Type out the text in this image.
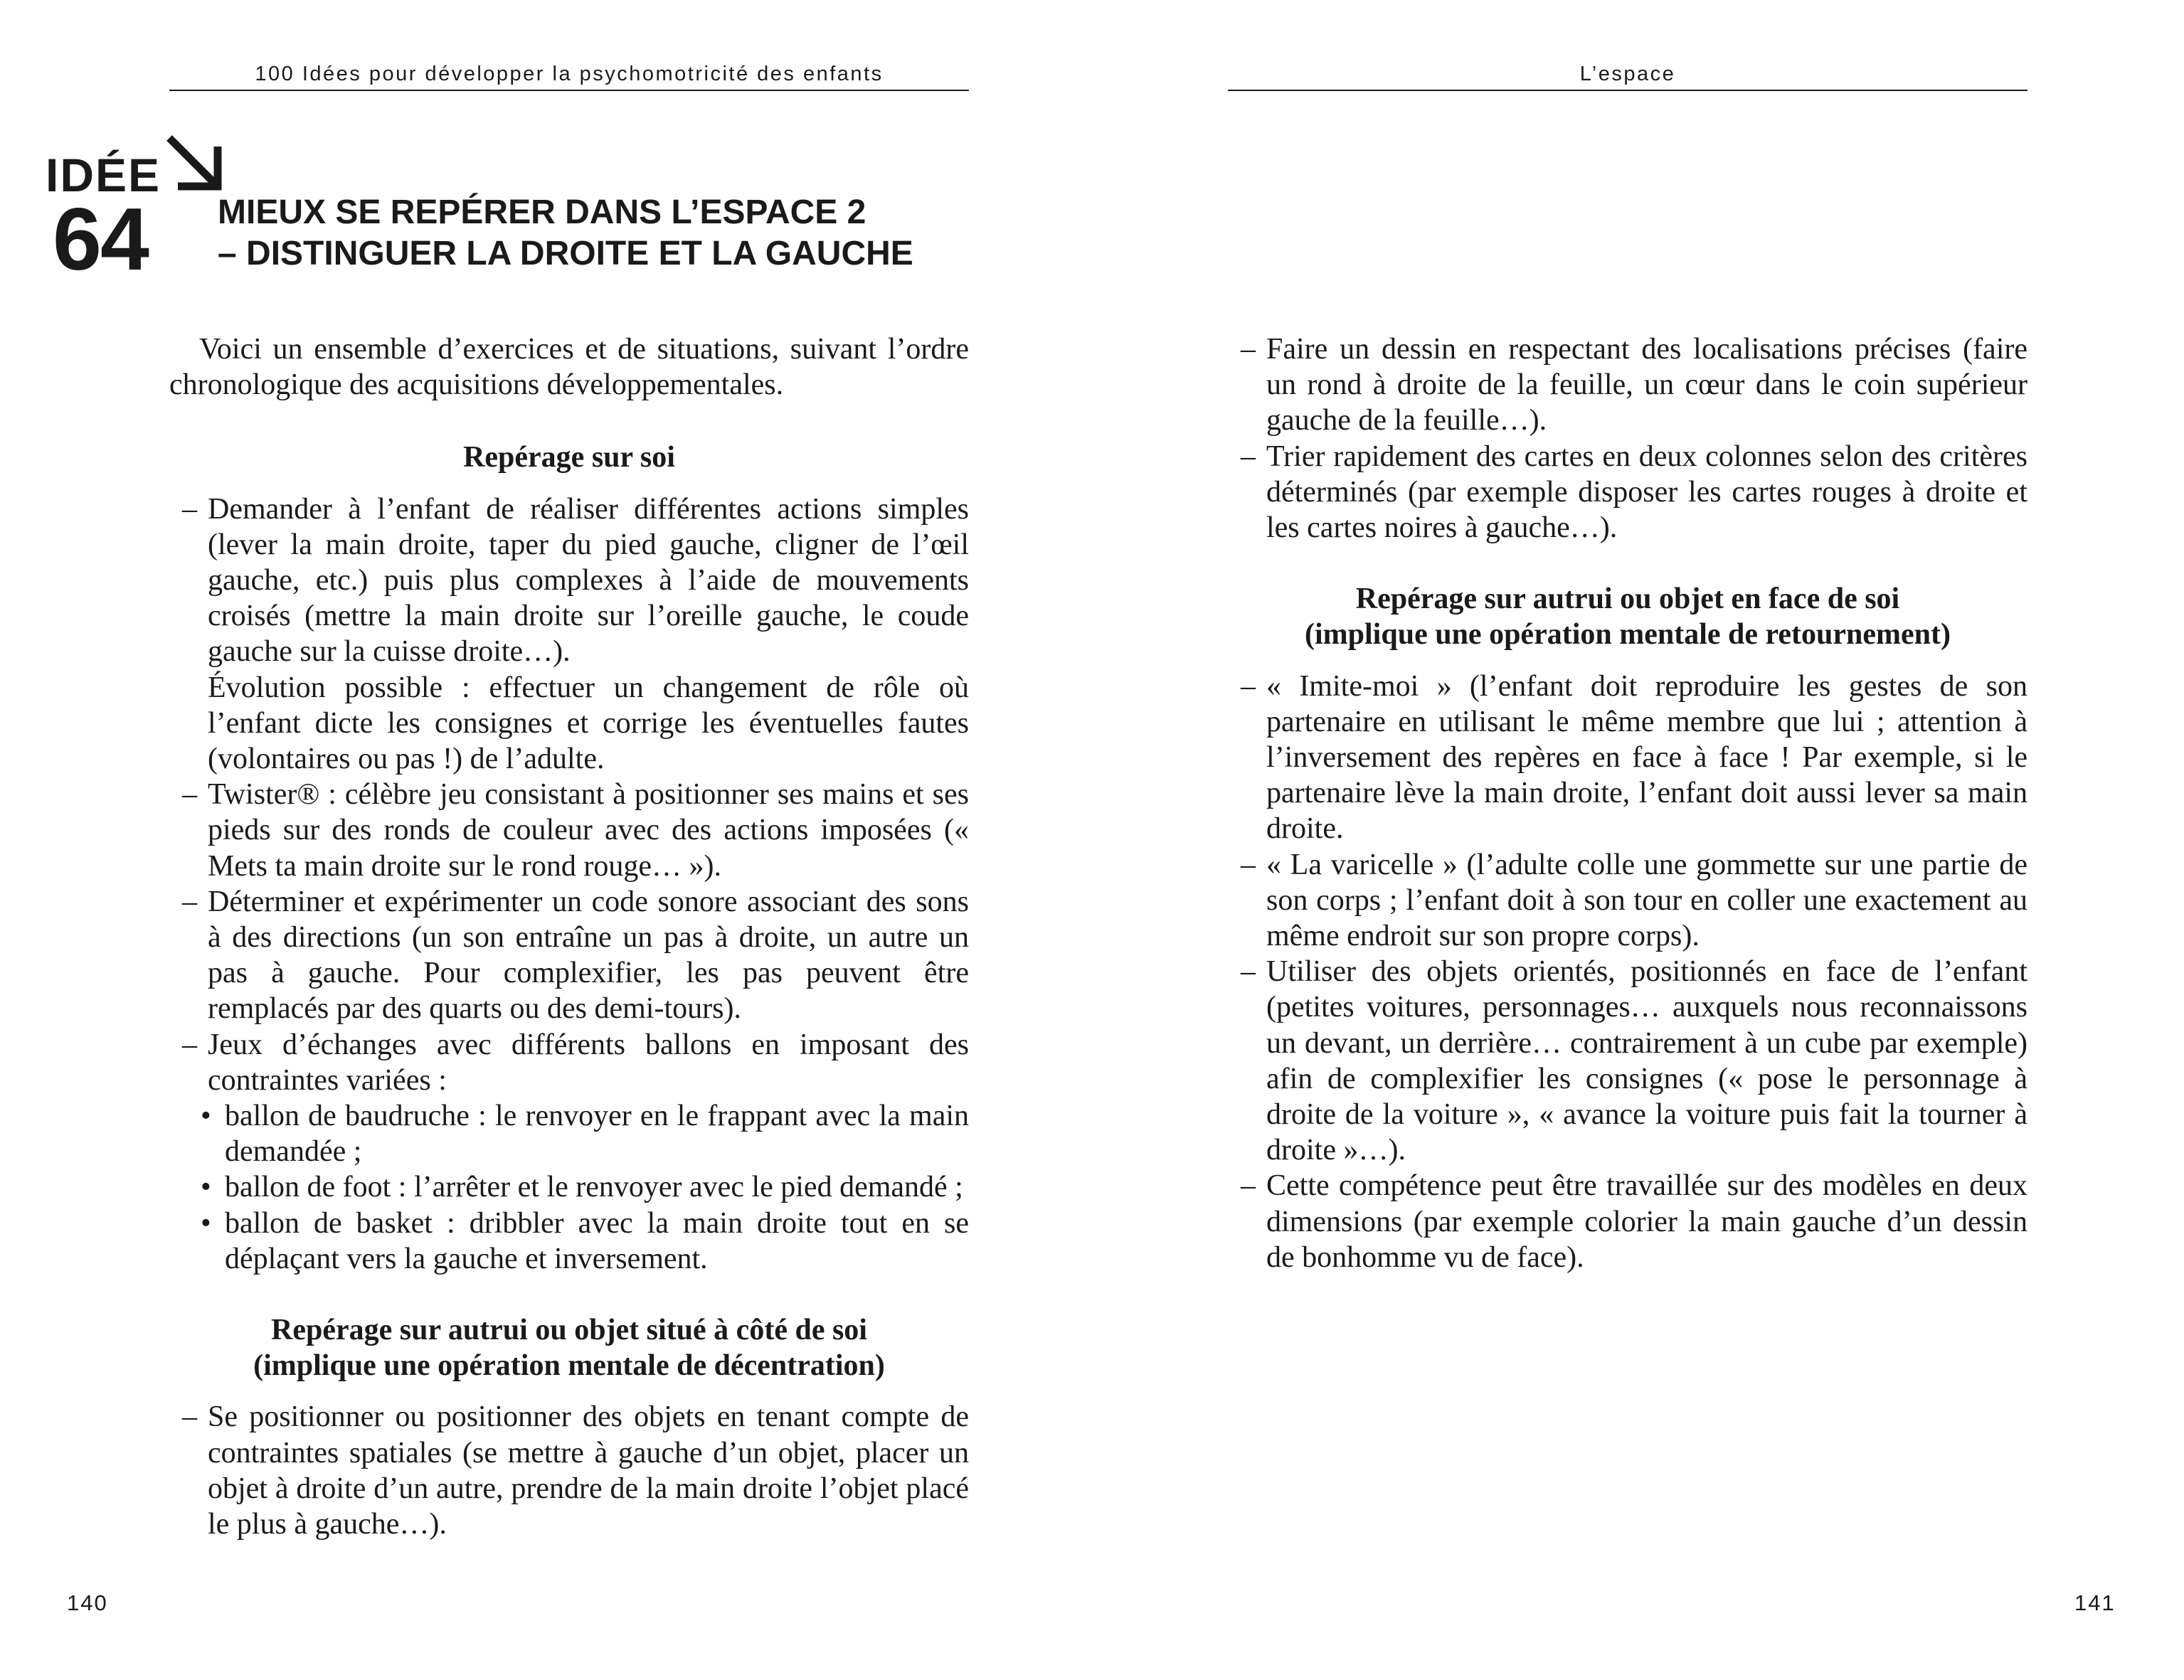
100 Idées pour développer la psychomotricité des enfants	L’espace
IDÉE
64 MIEUX SE REPÉRER DANS L’ESPACE 2
– DISTINGUER LA DROITE ET LA GAUCHE

Voici un ensemble d’exercices et de situations, suivant l’ordre chronologique des acquisitions développementales.

Repérage sur soi

– Demander à l’enfant de réaliser différentes actions simples (lever la main droite, taper du pied gauche, cligner de l’œil gauche, etc.) puis plus complexes à l’aide de mouvements croisés (mettre la main droite sur l’oreille gauche, le coude gauche sur la cuisse droite…).

Évolution possible : effectuer un changement de rôle où l’enfant dicte les consignes et corrige les éventuelles fautes (volontaires ou pas !) de l’adulte.

– Twister® : célèbre jeu consistant à positionner ses mains et ses pieds sur des ronds de couleur avec des actions imposées (« Mets ta main droite sur le rond rouge… »).

– Déterminer et expérimenter un code sonore associant des sons à des directions (un son entraîne un pas à droite, un autre un pas à gauche. Pour complexifier, les pas peuvent être remplacés par des quarts ou des demi-tours).

– Jeux d’échanges avec différents ballons en imposant des contraintes variées :

• ballon de baudruche : le renvoyer en le frappant avec la main demandée ;

• ballon de foot : l’arrêter et le renvoyer avec le pied demandé ;

• ballon de basket : dribbler avec la main droite tout en se déplaçant vers la gauche et inversement.

Repérage sur autrui ou objet situé à côté de soi
(implique une opération mentale de décentration)

– Se positionner ou positionner des objets en tenant compte de contraintes spatiales (se mettre à gauche d’un objet, placer un objet à droite d’un autre, prendre de la main droite l’objet placé le plus à gauche…).

– Faire un dessin en respectant des localisations précises (faire un rond à droite de la feuille, un cœur dans le coin supérieur gauche de la feuille…).

– Trier rapidement des cartes en deux colonnes selon des critères déterminés (par exemple disposer les cartes rouges à droite et les cartes noires à gauche…).

Repérage sur autrui ou objet en face de soi
(implique une opération mentale de retournement)

– « Imite-moi » (l’enfant doit reproduire les gestes de son partenaire en utilisant le même membre que lui ; attention à l’inversement des repères en face à face ! Par exemple, si le partenaire lève la main droite, l’enfant doit aussi lever sa main droite.

– « La varicelle » (l’adulte colle une gommette sur une partie de son corps ; l’enfant doit à son tour en coller une exactement au même endroit sur son propre corps).

– Utiliser des objets orientés, positionnés en face de l’enfant (petites voitures, personnages… auxquels nous reconnaissons un devant, un derrière… contrairement à un cube par exemple) afin de complexifier les consignes (« pose le personnage à droite de la voiture », « avance la voiture puis fait la tourner à droite »…).

– Cette compétence peut être travaillée sur des modèles en deux dimensions (par exemple colorier la main gauche d’un dessin de bonhomme vu de face).

140	141
